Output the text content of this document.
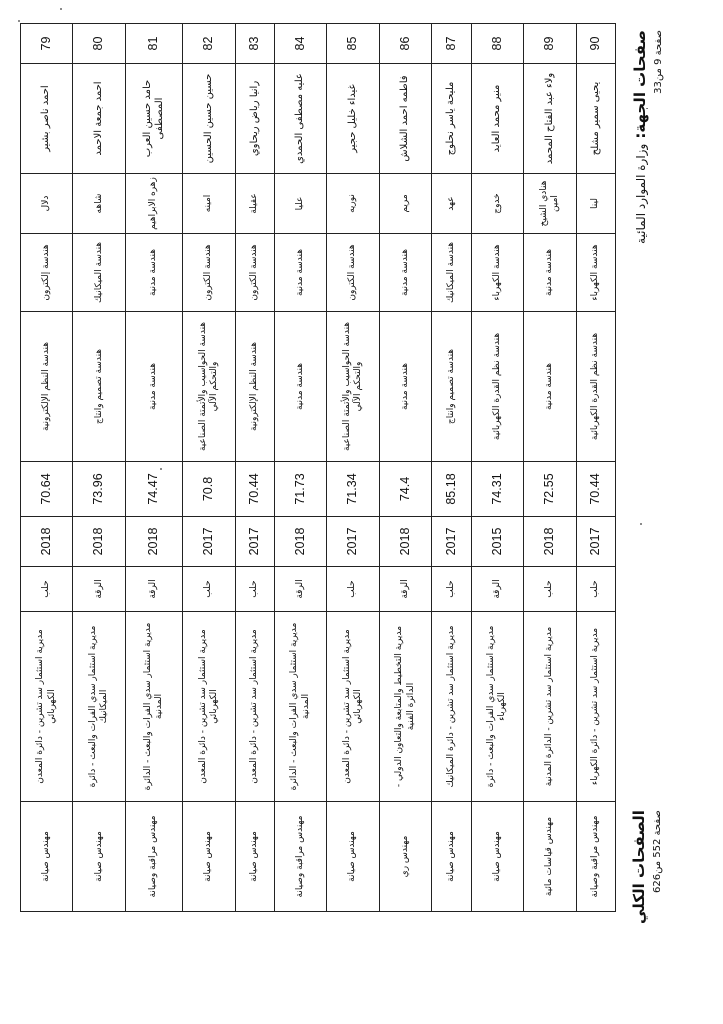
79	احمد ناصر بشير	دلال	هندسة إلكترون	هندسة النظم الإلكترونية	70.64	2018	حلب	مديرية استثمار سد تشرين - دائرة المعدن الكهربائي	مهندس صيانة
80	احمد جمعة الاحمد	شاهه	هندسة الميكانيك	هندسة تصميم وانتاج	73.96	2018	الرقة	مديرية استثمار سدي الفرات والبعث - دائرة الميكانيك	مهندس صيانة
81	حامد حسين العرب المصطفى	زهره الابراهيم	هندسة مدنية	هندسة مدنية	74.47	2018	الرقة	مديرية استثمار سدي الفرات والبعث - الدائرة المدنية	مهندس مراقبة وصيانة
82	حسين حسين الحسين	امينه	هندسة الكترون	هندسة الحواسيب والأتمتة الصناعية والتحكم الآلي	70.8	2017	حلب	مديرية استثمار سد تشرين - دائرة المعدن الكهربائي	مهندس صيانة
83	رانيا رياض ريحاوي	عقيلة	هندسة الكترون	هندسة النظم الإلكترونية	70.44	2017	حلب	مديرية استثمار سد تشرين - دائرة المعدن	مهندس صيانة
84	عليه مصطفى الحمدي	عليا	هندسة مدنية	هندسة مدنية	71.73	2018	الرقة	مديرية استثمار سدي الفرات والبعث - الدائرة المدنية	مهندس مراقبة وصيانة
85	غيداء خليل حجير	نوريه	هندسة الكترون	هندسة الحواسيب والأتمتة الصناعية والتحكم الآلي	71.34	2017	حلب	مديرية استثمار سد تشرين - دائرة المعدن الكهربائي	مهندس صيانة
86	فاطمه احمد الشلاش	مريم	هندسة مدنية	هندسة مدنية	74.4	2018	الرقة	مديرية التخطيط والمتابعة والتعاون الدولي - الدائرة الفنية	مهندس ري
87	مليحة ياسر نحلوج	عهد	هندسة الميكانيك	هندسة تصميم وانتاج	85.18	2017	حلب	مديرية استثمار سد تشرين - دائرة الميكانيك	مهندس صيانة
88	منير محمد العايد	خدوج	هندسة الكهرباء	هندسة نظم القدرة الكهربائية	74.31	2015	الرقة	مديرية استثمار سدي الفرات والبعث - دائرة الكهرباء	مهندس صيانة
89	ولاء عبد الفتاح المحمد	هنادي الشيخ امين	هندسة مدنية	هندسة مدنية	72.55	2018	حلب	مديرية استثمار سد تشرين - الدائرة المدنية	مهندس قياسات مائية
90	يحيى سمير مشلح	لينا	هندسة الكهرباء	هندسة نظم القدرة الكهربائية	70.44	2017	حلب	مديرية استثمار سد تشرين - دائرة الكهرباء	مهندس مراقبة وصيانة
صفحات الجهة: وزارة الموارد المائية
صفحة 9 من33
الصفحات الكلي صفحة 552 من626
